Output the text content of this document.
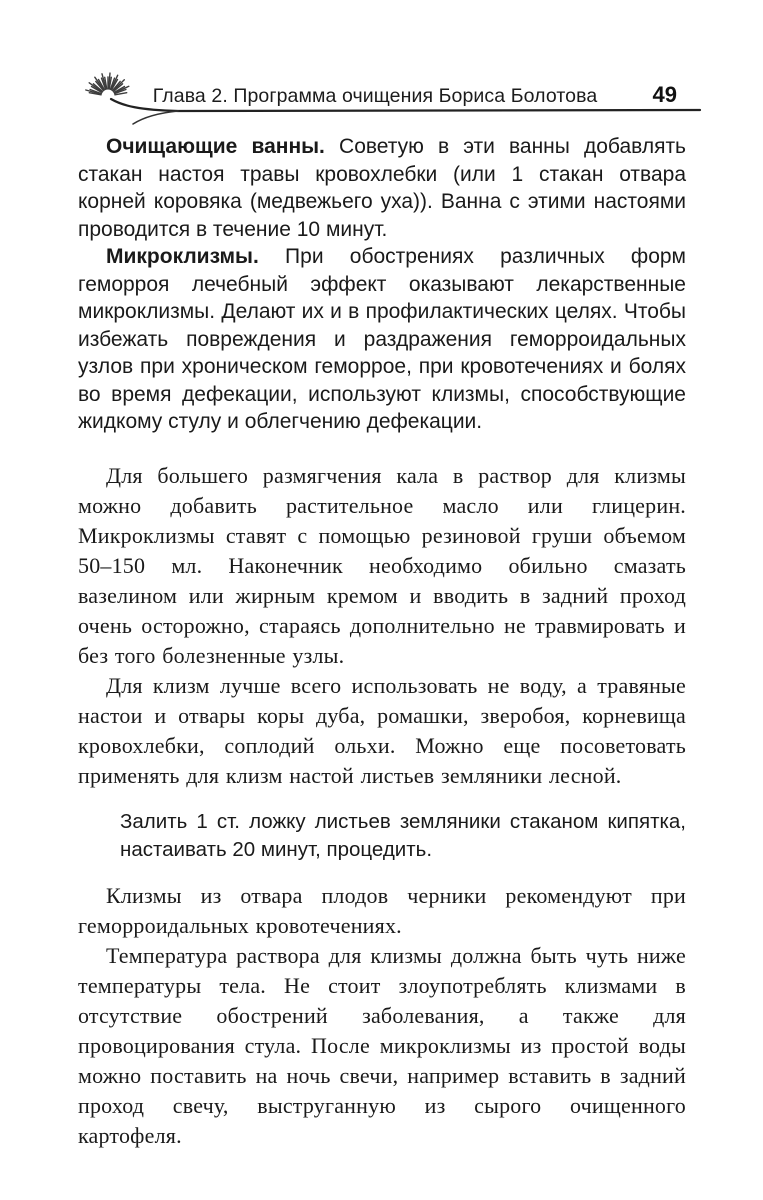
Глава 2. Программа очищения Бориса Болотова	49

Очищающие ванны. Советую в эти ванны добавлять стакан настоя травы кровохлебки (или 1 стакан отвара корней коровяка (медвежьего уха)). Ванна с этими настоями проводится в течение 10 минут.

Микроклизмы. При обострениях различных форм геморроя лечебный эффект оказывают лекарственные микроклизмы. Делают их и в профилактических целях. Чтобы избежать повреждения и раздражения геморроидальных узлов при хроническом геморрое, при кровотечениях и болях во время дефекации, используют клизмы, способствующие жидкому стулу и облегчению дефекации.

Для большего размягчения кала в раствор для клизмы можно добавить растительное масло или глицерин. Микроклизмы ставят с помощью резиновой груши объемом 50–150 мл. Наконечник необходимо обильно смазать вазелином или жирным кремом и вводить в задний проход очень осторожно, стараясь дополнительно не травмировать и без того болезненные узлы.

Для клизм лучше всего использовать не воду, а травяные настои и отвары коры дуба, ромашки, зверобоя, корневища кровохлебки, соплодий ольхи. Можно еще посоветовать применять для клизм настой листьев земляники лесной.

Залить 1 ст. ложку листьев земляники стаканом кипятка, настаивать 20 минут, процедить.

Клизмы из отвара плодов черники рекомендуют при геморроидальных кровотечениях.

Температура раствора для клизмы должна быть чуть ниже температуры тела. Не стоит злоупотреблять клизмами в отсутствие обострений заболевания, а также для провоцирования стула. После микроклизмы из простой воды можно поставить на ночь свечи, например вставить в задний проход свечу, выструганную из сырого очищенного картофеля.
